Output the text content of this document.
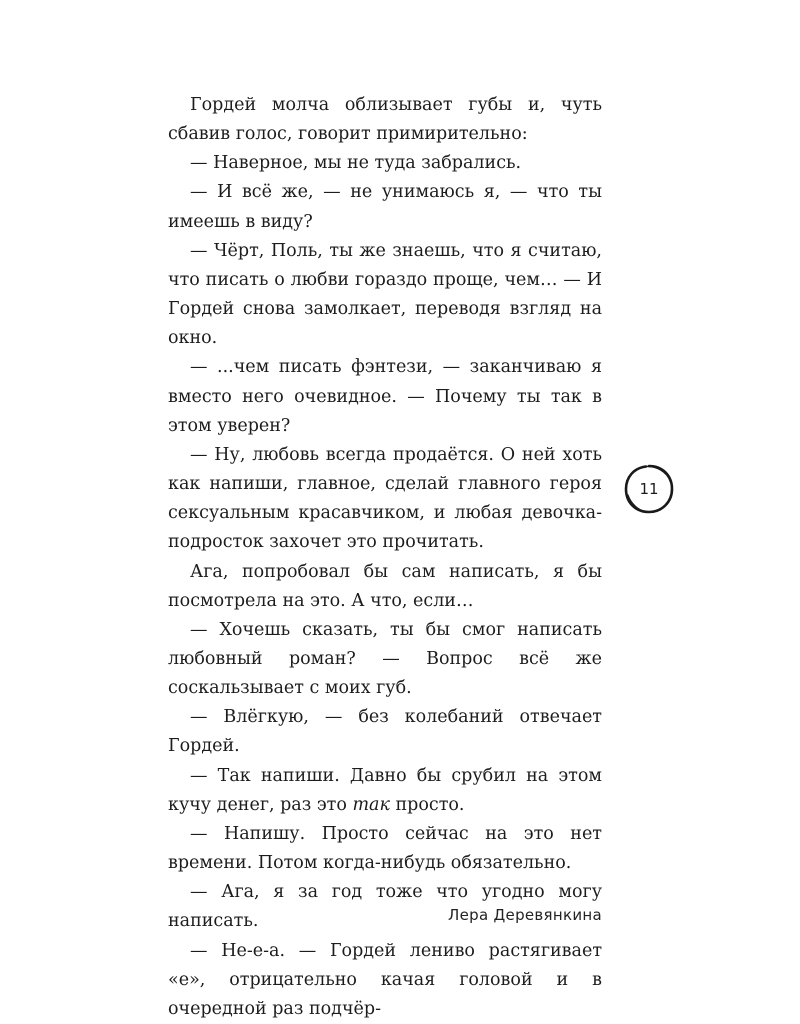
Гордей молча облизывает губы и, чуть сбавив голос, говорит примирительно:

— Наверное, мы не туда забрались.

— И всё же, — не унимаюсь я, — что ты имеешь в виду?

— Чёрт, Поль, ты же знаешь, что я считаю, что писать о любви гораздо проще, чем… — И Гордей снова замолкает, переводя взгляд на окно.

— ...чем писать фэнтези, — заканчиваю я вместо него очевидное. — Почему ты так в этом уверен?

— Ну, любовь всегда продаётся. О ней хоть как напиши, главное, сделай главного героя сексуальным красавчиком, и любая девочка-подросток захочет это прочитать.

Ага, попробовал бы сам написать, я бы посмотрела на это. А что, если…

— Хочешь сказать, ты бы смог написать любовный роман? — Вопрос всё же соскальзывает с моих губ.

— Влёгкую, — без колебаний отвечает Гордей.

— Так напиши. Давно бы срубил на этом кучу денег, раз это так просто.

— Напишу. Просто сейчас на это нет времени. Потом когда-нибудь обязательно.

— Ага, я за год тоже что угодно могу написать.

— Не-е-а. — Гордей лениво растягивает «е», отрицательно качая головой и в очередной раз подчёр-

11
Лера Деревянкина
